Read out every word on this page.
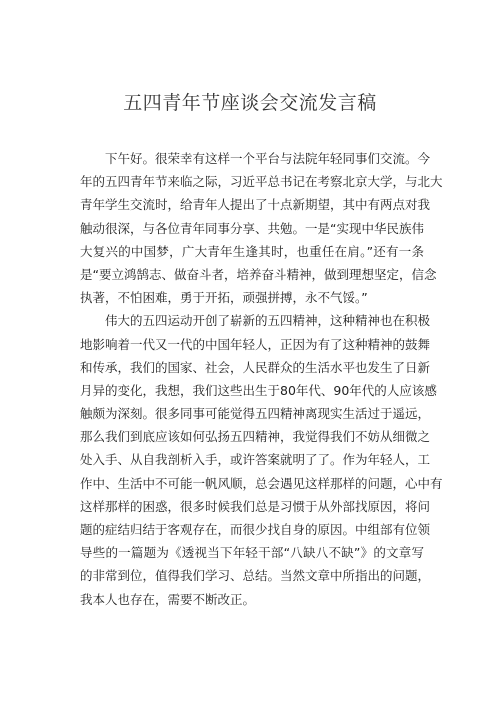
五四青年节座谈会交流发言稿
下午好。很荣幸有这样一个平台与法院年轻同事们交流。今
年的五四青年节来临之际，习近平总书记在考察北京大学，与北大
青年学生交流时，给青年人提出了十点新期望，其中有两点对我
触动很深，与各位青年同事分享、共勉。一是“实现中华民族伟
大复兴的中国梦，广大青年生逢其时，也重任在肩。”还有一条
是“要立鸿鹄志、做奋斗者，培养奋斗精神，做到理想坚定，信念
执著，不怕困难，勇于开拓，顽强拼搏，永不气馁。”
伟大的五四运动开创了崭新的五四精神，这种精神也在积极
地影响着一代又一代的中国年轻人，正因为有了这种精神的鼓舞
和传承，我们的国家、社会，人民群众的生活水平也发生了日新
月异的变化，我想，我们这些出生于80年代、90年代的人应该感
触颇为深刻。很多同事可能觉得五四精神离现实生活过于遥远，
那么我们到底应该如何弘扬五四精神，我觉得我们不妨从细微之
处入手、从自我剖析入手，或许答案就明了了。作为年轻人，工
作中、生活中不可能一帆风顺，总会遇见这样那样的问题，心中有
这样那样的困惑，很多时候我们总是习惯于从外部找原因，将问
题的症结归结于客观存在，而很少找自身的原因。中组部有位领
导些的一篇题为《透视当下年轻干部“八缺八不缺”》的文章写
的非常到位，值得我们学习、总结。当然文章中所指出的问题，
我本人也存在，需要不断改正。
